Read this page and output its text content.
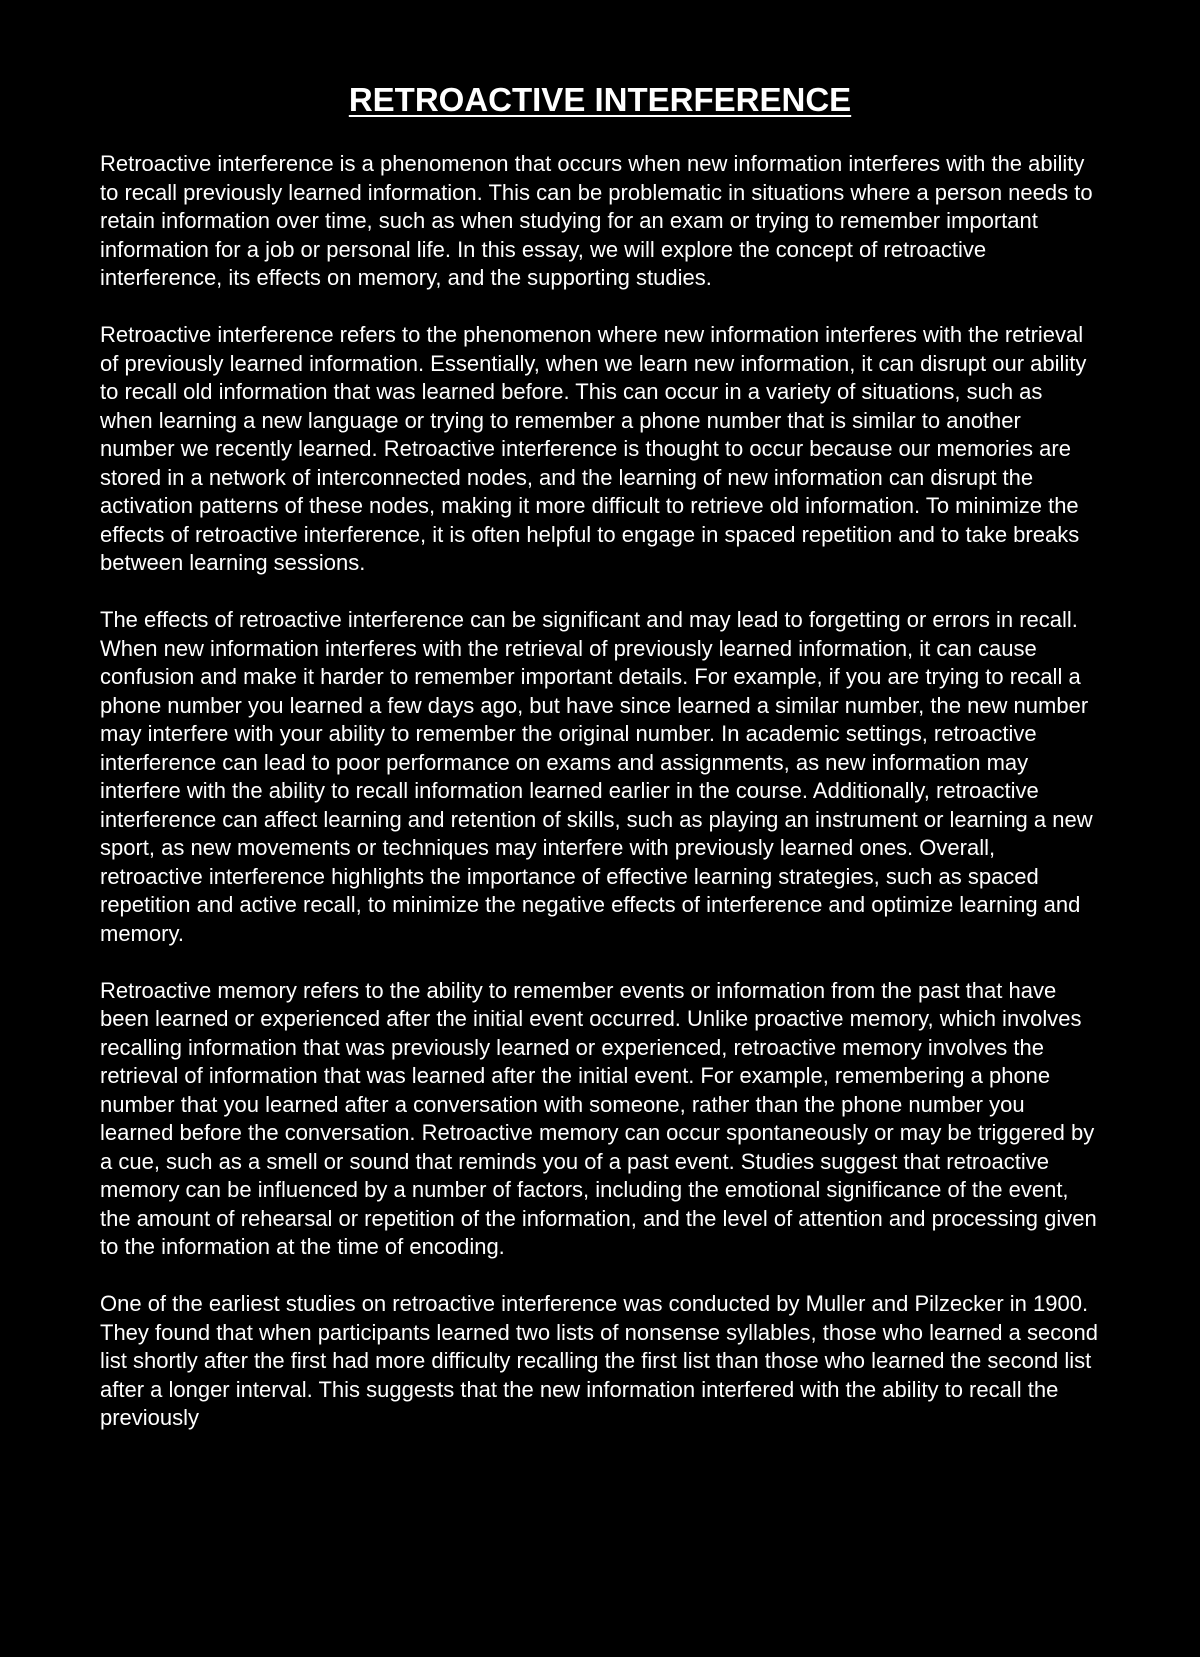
RETROACTIVE INTERFERENCE

Retroactive interference is a phenomenon that occurs when new information interferes with the ability to recall previously learned information. This can be problematic in situations where a person needs to retain information over time, such as when studying for an exam or trying to remember important information for a job or personal life. In this essay, we will explore the concept of retroactive interference, its effects on memory, and the supporting studies.

Retroactive interference refers to the phenomenon where new information interferes with the retrieval of previously learned information. Essentially, when we learn new information, it can disrupt our ability to recall old information that was learned before. This can occur in a variety of situations, such as when learning a new language or trying to remember a phone number that is similar to another number we recently learned. Retroactive interference is thought to occur because our memories are stored in a network of interconnected nodes, and the learning of new information can disrupt the activation patterns of these nodes, making it more difficult to retrieve old information. To minimize the effects of retroactive interference, it is often helpful to engage in spaced repetition and to take breaks between learning sessions.

The effects of retroactive interference can be significant and may lead to forgetting or errors in recall. When new information interferes with the retrieval of previously learned information, it can cause confusion and make it harder to remember important details. For example, if you are trying to recall a phone number you learned a few days ago, but have since learned a similar number, the new number may interfere with your ability to remember the original number. In academic settings, retroactive interference can lead to poor performance on exams and assignments, as new information may interfere with the ability to recall information learned earlier in the course. Additionally, retroactive interference can affect learning and retention of skills, such as playing an instrument or learning a new sport, as new movements or techniques may interfere with previously learned ones. Overall, retroactive interference highlights the importance of effective learning strategies, such as spaced repetition and active recall, to minimize the negative effects of interference and optimize learning and memory.

Retroactive memory refers to the ability to remember events or information from the past that have been learned or experienced after the initial event occurred. Unlike proactive memory, which involves recalling information that was previously learned or experienced, retroactive memory involves the retrieval of information that was learned after the initial event. For example, remembering a phone number that you learned after a conversation with someone, rather than the phone number you learned before the conversation. Retroactive memory can occur spontaneously or may be triggered by a cue, such as a smell or sound that reminds you of a past event. Studies suggest that retroactive memory can be influenced by a number of factors, including the emotional significance of the event, the amount of rehearsal or repetition of the information, and the level of attention and processing given to the information at the time of encoding.

One of the earliest studies on retroactive interference was conducted by Muller and Pilzecker in 1900. They found that when participants learned two lists of nonsense syllables, those who learned a second list shortly after the first had more difficulty recalling the first list than those who learned the second list after a longer interval. This suggests that the new information interfered with the ability to recall the previously
